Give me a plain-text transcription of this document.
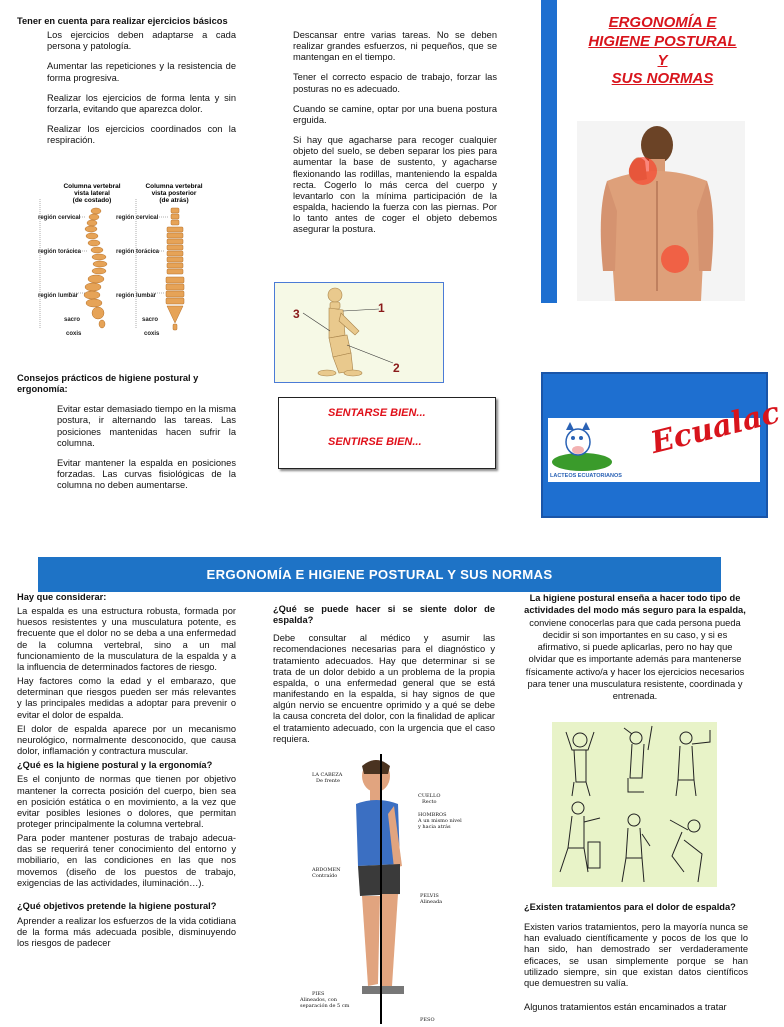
Tener en cuenta para realizar ejercicios básicos

Los ejercicios deben adaptarse a cada persona y patología.

Aumentar las repeticiones y la resistencia de forma progresiva.

Realizar los ejercicios de forma lenta y sin forzarla, evitando que aparezca dolor.

Realizar los ejercicios coordinados con la respiración.

Columna vertebral vista lateral (de costado)
Columna vertebral vista posterior (de atrás)
región cervical
región torácica
región lumbar
sacro
coxis
región cervical
región torácica
región lumbar
sacro
coxis
Consejos prácticos de higiene postural y ergonomía:

Evitar estar demasiado tiempo en la misma postura, ir alternando las tareas. Las posiciones mantenidas hacen sufrir la columna.

Evitar mantener la espalda en posiciones forzadas. Las curvas fisiológicas de la columna no deben aumentarse.

Descansar entre varias tareas. No se deben realizar grandes esfuerzos, ni pequeños, que se mantengan en el tiempo.

Tener el correcto espacio de trabajo, forzar las posturas no es adecuado.

Cuando se camine, optar por una buena postura erguida.

Si hay que agacharse para recoger cualquier objeto del suelo, se deben separar los pies para aumentar la base de sustento, y agacharse flexionando las rodillas, manteniendo la espalda recta. Cogerlo lo más cerca del cuerpo y levantarlo con la mínima participación de la espalda, haciendo la fuerza con las piernas. Por lo tanto antes de coger el objeto debemos asegurar la postura.

1
2
3
SENTARSE BIEN...
SENTIRSE BIEN...
ERGONOMÍA E
HIGIENE POSTURAL
Y
SUS NORMAS
LACTEOS ECUATORIANOS
Ecualac
ERGONOMÍA E HIGIENE POSTURAL Y SUS NORMAS
Hay que considerar:

La espalda es una estructura robusta, formada por huesos resistentes y una musculatura potente, es frecuente que el dolor no se deba a una enfermedad de la columna vertebral, sino a un mal funcionamiento de la musculatura de la espalda y a la influencia de determinados factores de riesgo.

Hay factores como la edad y el embarazo, que determinan que riesgos pueden ser más relevantes y las principales medidas a adoptar para prevenir o evitar el dolor de espalda.

El dolor de espalda aparece por un mecanismo neurológico, normalmente desconocido, que causa dolor, inflamación y contractura muscular.

¿Qué es la higiene postural y la ergonomía?

Es el conjunto de normas que tienen por objetivo mantener la correcta posición del cuerpo, bien sea en posición estática o en movimiento, a la vez que evitar posibles lesiones o dolores, que permitan proteger principalmente la columna vertebral.

Para poder mantener posturas de trabajo adecua- das se requerirá tener conocimiento del entorno y mobiliario, en las condiciones en las que nos movemos (diseño de los puestos de trabajo, exigencias de las actividades, iluminación…).

¿Qué objetivos pretende la higiene postural?

Aprender a realizar los esfuerzos de la vida cotidiana de la forma más adecuada posible, disminuyendo los riesgos de padecer

¿Qué se puede hacer si se siente dolor de espalda?

Debe consultar al médico y asumir las recomendaciones necesarias para el diagnóstico y tratamiento adecuados. Hay que determinar si se trata de un dolor debido a un problema de la propia espalda, o una enfermedad general que se está manifestando en la espalda, si hay signos de que algún nervio se encuentre oprimido y a qué se debe la causa concreta del dolor, con la finalidad de aplicar el tratamiento adecuado, con la urgencia que el caso requiera.

LA CABEZA
De frente
CUELLO
Recto
HOMBROS
A un mismo nivel y hacia atrás
ABDOMEN
Contraído
PELVIS
Alineada
PIES
Alineados, con separación de 5 cm
PESO
La higiene postural enseña a hacer todo tipo de actividades del modo más seguro para la espalda, conviene conocerlas para que cada persona pueda decidir si son importantes en su caso, y si es afirmativo, si puede aplicarlas, pero no hay que olvidar que es importante además para mantenerse físicamente activo/a y hacer los ejercicios necesarios para tener una musculatura resistente, coordinada y entrenada.
¿Existen tratamientos para el dolor de espalda?

Existen varios tratamientos, pero la mayoría nunca se han evaluado científicamente y pocos de los que lo han sido, han demostrado ser verdaderamente eficaces, se usan simplemente porque se han utilizado siempre, sin que existan datos científicos que demuestren su valía.

Algunos tratamientos están encaminados a tratar
